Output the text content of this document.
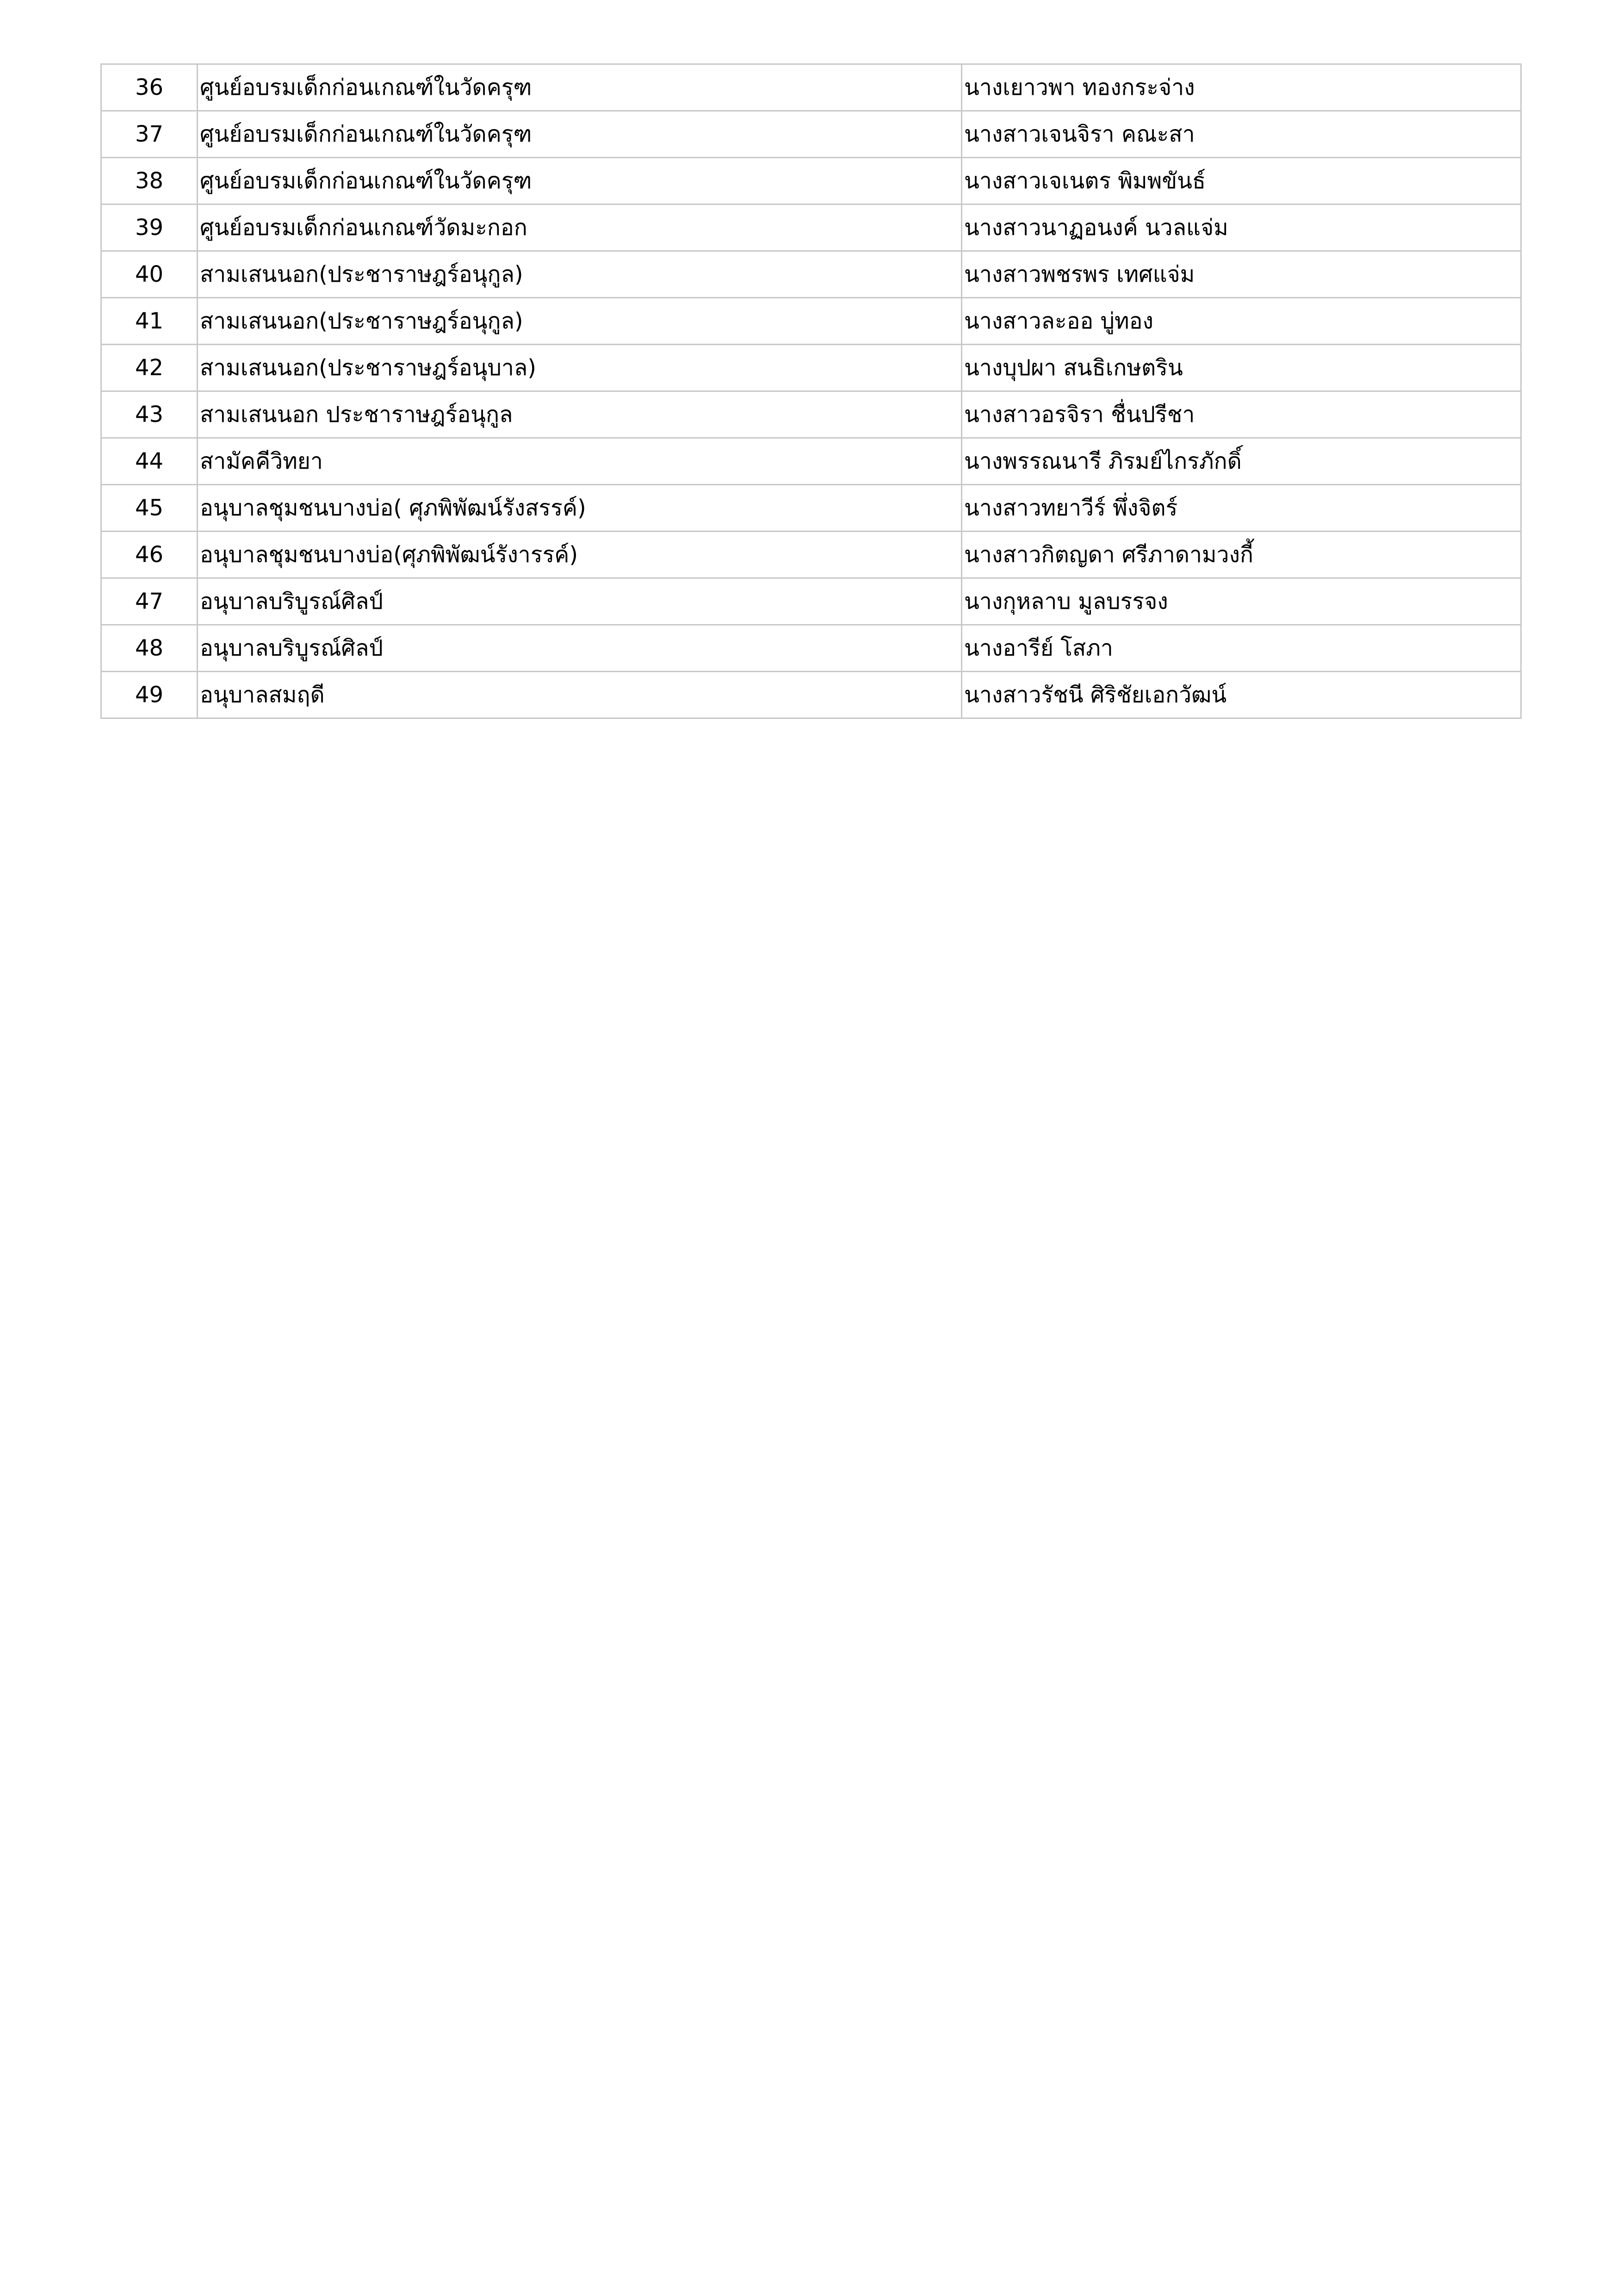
36	ศูนย์อบรมเด็กก่อนเกณฑ์ในวัดครุฑ	นางเยาวพา ทองกระจ่าง
37	ศูนย์อบรมเด็กก่อนเกณฑ์ในวัดครุฑ	นางสาวเจนจิรา คณะสา
38	ศูนย์อบรมเด็กก่อนเกณฑ์ในวัดครุฑ	นางสาวเจเนตร พิมพขันธ์
39	ศูนย์อบรมเด็กก่อนเกณฑ์วัดมะกอก	นางสาวนาฏอนงค์ นวลแจ่ม
40	สามเสนนอก(ประชาราษฎร์อนุกูล)	นางสาวพชรพร เทศแจ่ม
41	สามเสนนอก(ประชาราษฎร์อนุกูล)	นางสาวละออ บู่ทอง
42	สามเสนนอก(ประชาราษฎร์อนุบาล)	นางบุปผา สนธิเกษตริน
43	สามเสนนอก ประชาราษฎร์อนุกูล	นางสาวอรจิรา ชื่นปรีชา
44	สามัคคีวิทยา	นางพรรณนารี ภิรมย์ไกรภักดิ์
45	อนุบาลชุมชนบางบ่อ( ศุภพิพัฒน์รังสรรค์)	นางสาวทยาวีร์ พึ่งจิตร์
46	อนุบาลชุมชนบางบ่อ(ศุภพิพัฒน์รังารรค์)	นางสาวกิตญดา ศรีภาดามวงกี้
47	อนุบาลบริบูรณ์ศิลป์	นางกุหลาบ มูลบรรจง
48	อนุบาลบริบูรณ์ศิลป์	นางอารีย์ โสภา
49	อนุบาลสมฤดี	นางสาวรัชนี ศิริชัยเอกวัฒน์
